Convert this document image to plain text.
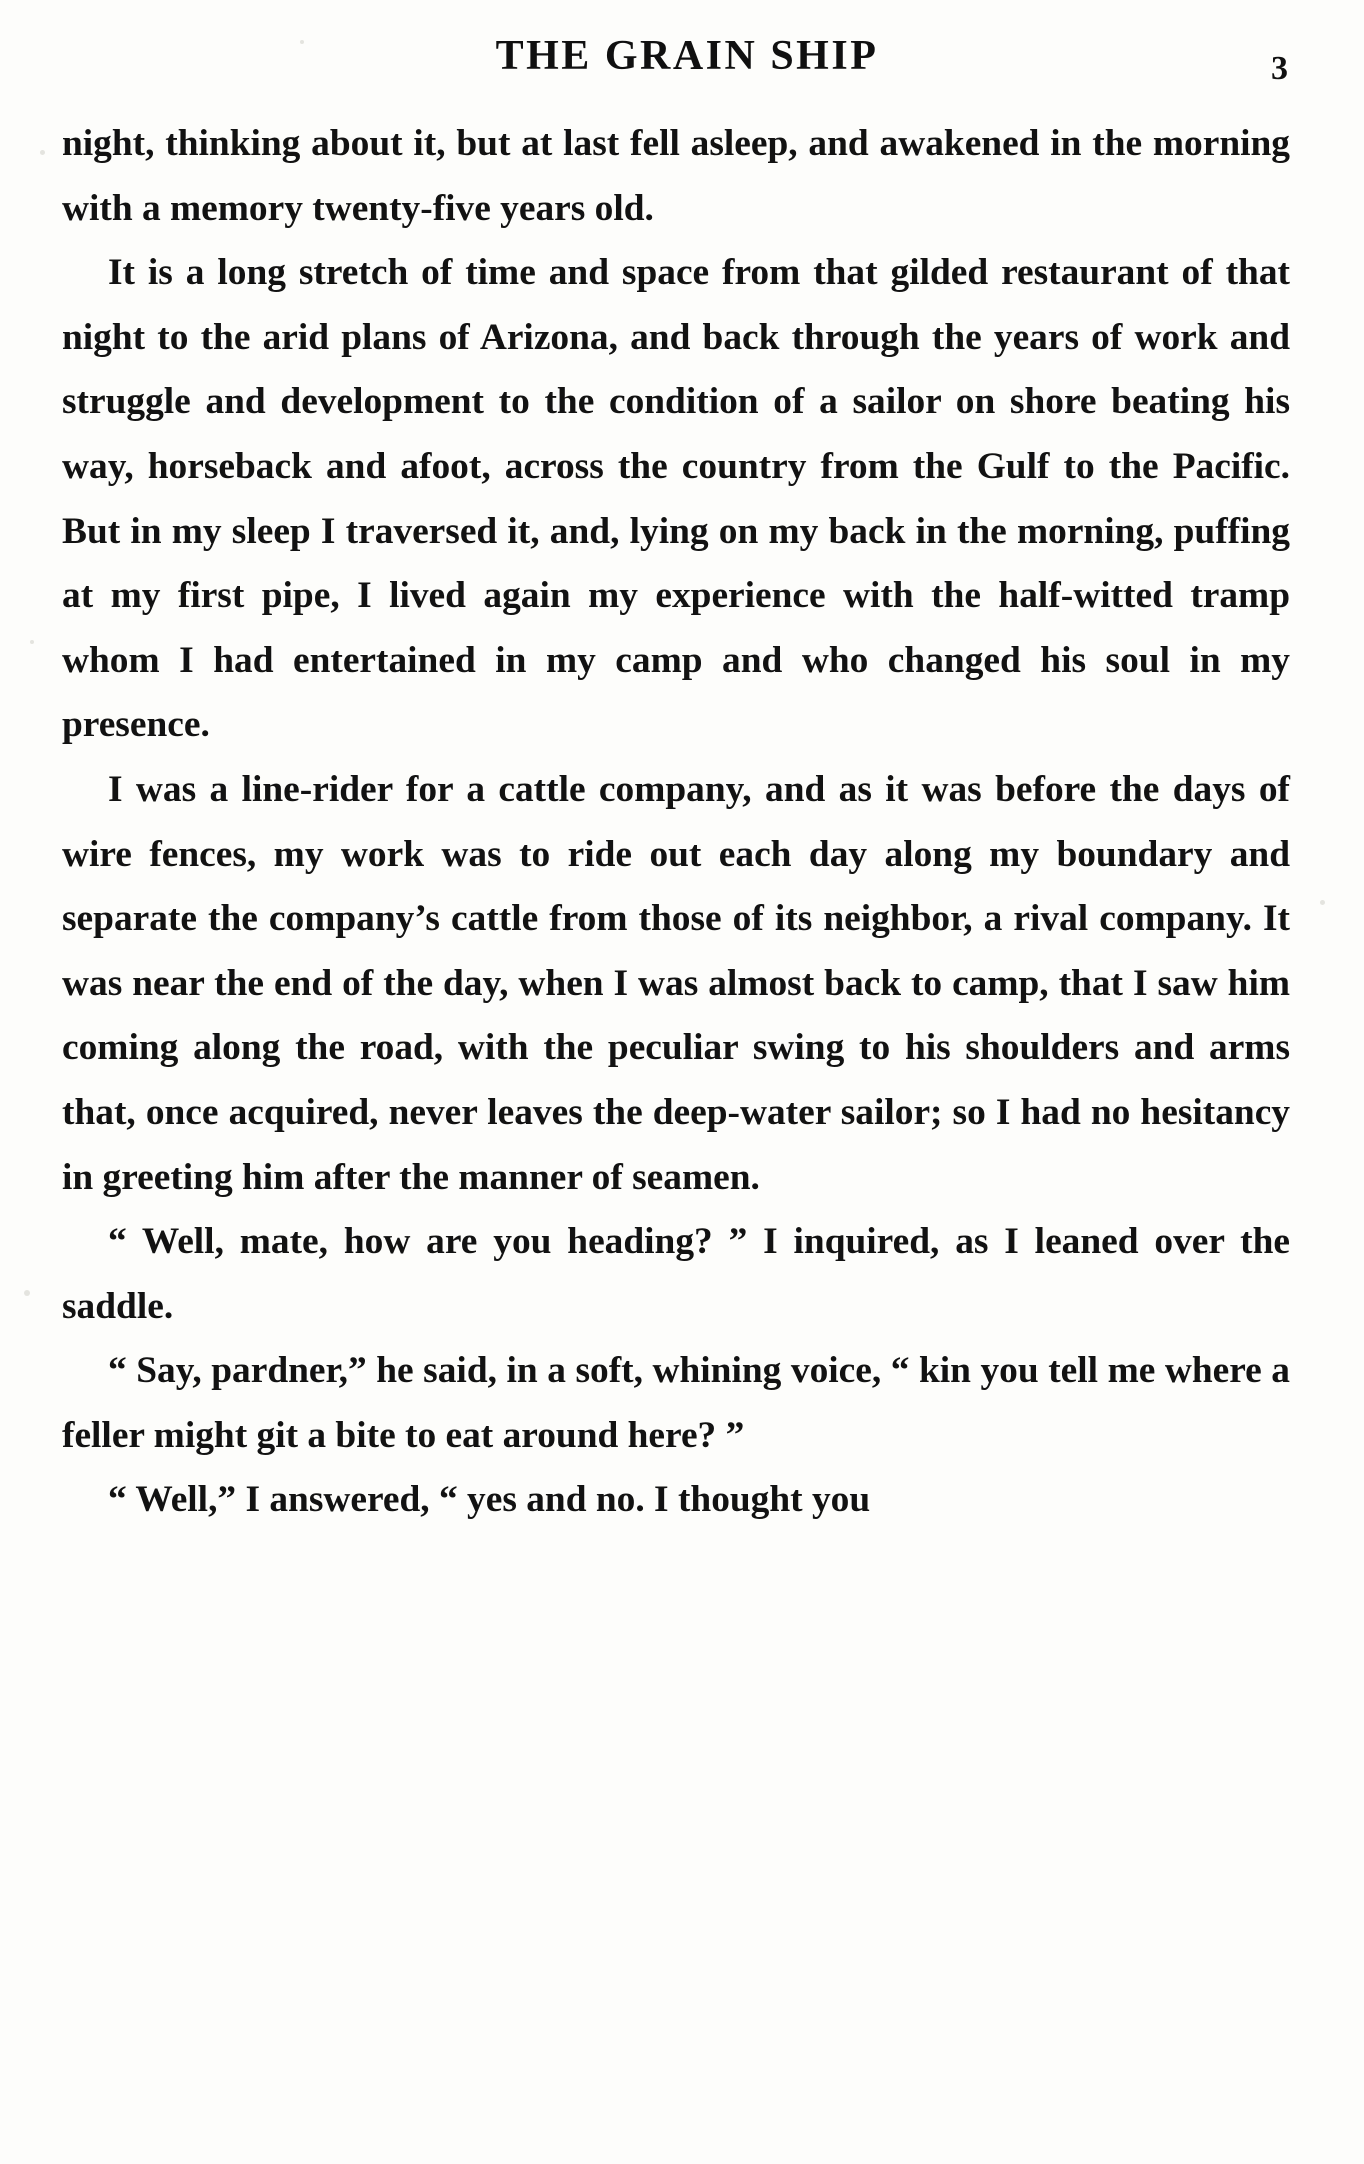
THE GRAIN SHIP	3

night, thinking about it, but at last fell asleep, and awakened in the morning with a memory twenty-five years old.

It is a long stretch of time and space from that gilded restaurant of that night to the arid plans of Arizona, and back through the years of work and struggle and development to the condition of a sailor on shore beating his way, horseback and afoot, across the country from the Gulf to the Pacific. But in my sleep I traversed it, and, lying on my back in the morning, puffing at my first pipe, I lived again my experience with the half-witted tramp whom I had entertained in my camp and who changed his soul in my presence.

I was a line-rider for a cattle company, and as it was before the days of wire fences, my work was to ride out each day along my boundary and separate the company’s cattle from those of its neighbor, a rival company. It was near the end of the day, when I was almost back to camp, that I saw him coming along the road, with the peculiar swing to his shoulders and arms that, once acquired, never leaves the deep-water sailor; so I had no hesitancy in greeting him after the manner of seamen.

“ Well, mate, how are you heading? ” I inquired, as I leaned over the saddle.

“ Say, pardner,” he said, in a soft, whining voice, “ kin you tell me where a feller might git a bite to eat around here? ”

“ Well,” I answered, “ yes and no. I thought you
